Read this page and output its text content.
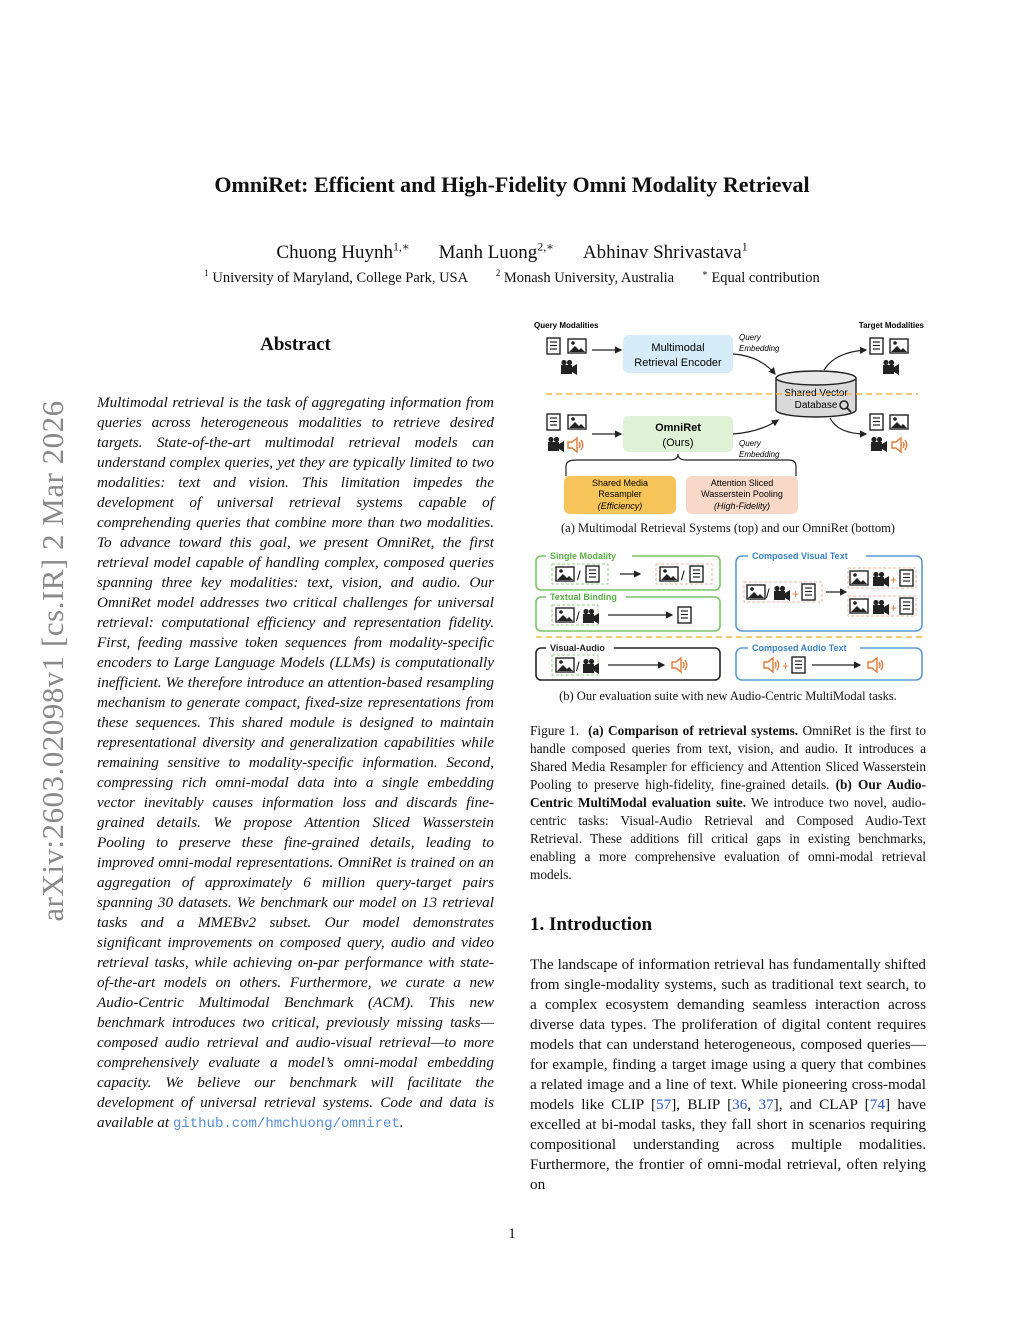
arXiv:2603.02098v1 [cs.IR] 2 Mar 2026
OmniRet: Efficient and High-Fidelity Omni Modality Retrieval
Chuong Huynh$^{1,∗}$ Manh Luong$^{2,∗}$ Abhinav Shrivastava$^1$
$^1$ University of Maryland, College Park, USA	$^2$ Monash University, Australia	∗ Equal contribution
Abstract
Multimodal retrieval is the task of aggregating information from queries across heterogeneous modalities to retrieve desired targets. State-of-the-art multimodal retrieval models can understand complex queries, yet they are typically limited to two modalities: text and vision. This limitation impedes the development of universal retrieval systems capable of comprehending queries that combine more than two modalities. To advance toward this goal, we present OmniRet, the first retrieval model capable of handling complex, composed queries spanning three key modalities: text, vision, and audio. Our OmniRet model addresses two critical challenges for universal retrieval: computational efficiency and representation fidelity. First, feeding massive token sequences from modality-specific encoders to Large Language Models (LLMs) is computationally inefficient. We therefore introduce an attention-based resampling mechanism to generate compact, fixed-size representations from these sequences. This shared module is designed to maintain representational diversity and generalization capabilities while remaining sensitive to modality-specific information. Second, compressing rich omni-modal data into a single embedding vector inevitably causes information loss and discards fine-grained details. We propose Attention Sliced Wasserstein Pooling to preserve these fine-grained details, leading to improved omni-modal representations. OmniRet is trained on an aggregation of approximately 6 million query-target pairs spanning 30 datasets. We benchmark our model on 13 retrieval tasks and a MMEBv2 subset. Our model demonstrates significant improvements on composed query, audio and video retrieval tasks, while achieving on-par performance with state-of-the-art models on others. Furthermore, we curate a new Audio-Centric Multimodal Benchmark (ACM). This new benchmark introduces two critical, previously missing tasks—composed audio retrieval and audio-visual retrieval—to more comprehensively evaluate a model’s omni-modal embedding capacity. We believe our benchmark will facilitate the development of universal retrieval systems. Code and data is available at github.com/hmchuong/omniret.
Query Modalities	Target Modalities
Multimodal
Retrieval Encoder
Query
Embedding
Shared Vector
Database
OmniRet
(Ours)	Query
Embedding
Shared Media
Resampler
(Efficiency)
Attention Sliced
Wasserstein Pooling
(High-Fidelity)
Single Modality
/	/
Textual Binding
/
Composed Visual Text
/ +
+
+
Visual-Audio
/
Composed Audio Text
+
(a) Multimodal Retrieval Systems (top) and our OmniRet (bottom)
(b) Our evaluation suite with new Audio-Centric MultiModal tasks.
Figure 1. (a) Comparison of retrieval systems. OmniRet is the first to handle composed queries from text, vision, and audio. It introduces a Shared Media Resampler for efficiency and Attention Sliced Wasserstein Pooling to preserve high-fidelity, fine-grained details. (b) Our Audio-Centric MultiModal evaluation suite. We introduce two novel, audio-centric tasks: Visual-Audio Retrieval and Composed Audio-Text Retrieval. These additions fill critical gaps in existing benchmarks, enabling a more comprehensive evaluation of omni-modal retrieval models.
1. Introduction
The landscape of information retrieval has fundamentally shifted from single-modality systems, such as traditional text search, to a complex ecosystem demanding seamless interaction across diverse data types. The proliferation of digital content requires models that can understand heterogeneous, composed queries—for example, finding a target image using a query that combines a related image and a line of text. While pioneering cross-modal models like CLIP [57], BLIP [36, 37], and CLAP [74] have excelled at bi-modal tasks, they fall short in scenarios requiring compositional understanding across multiple modalities. Furthermore, the frontier of omni-modal retrieval, often relying on
1
